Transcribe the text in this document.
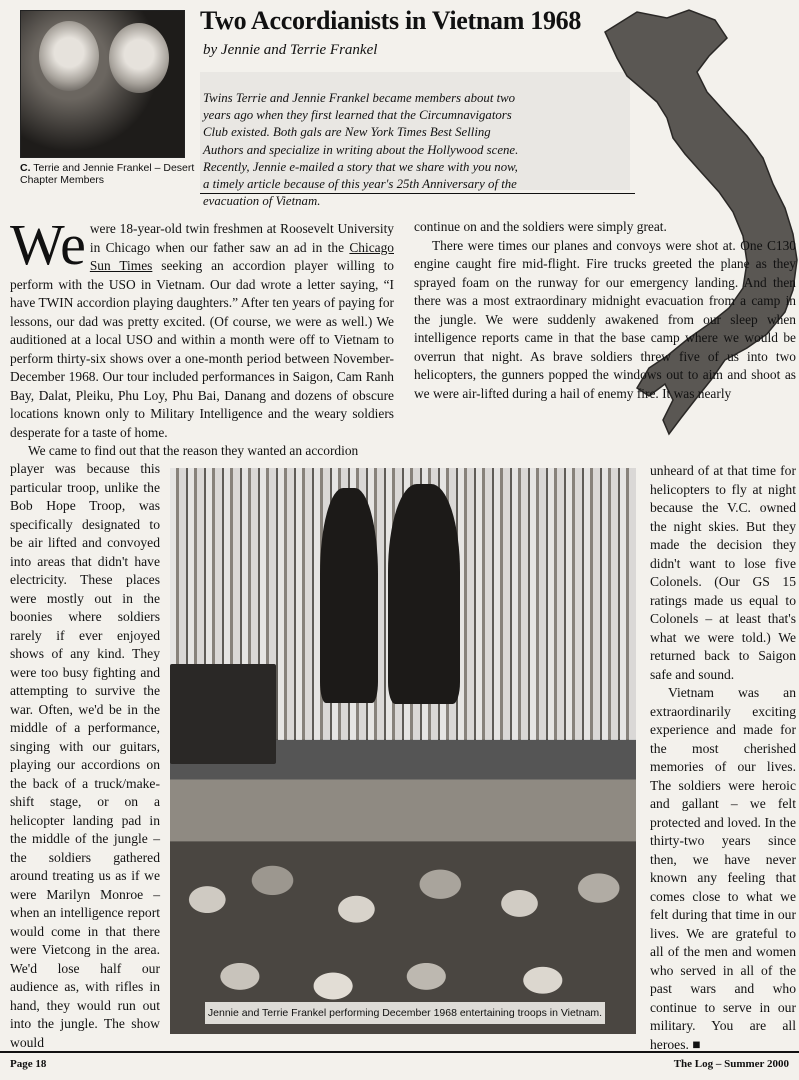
C. Terrie and Jennie Frankel – Desert Chapter Members
Two Accordianists in Vietnam 1968
by Jennie and Terrie Frankel
Twins Terrie and Jennie Frankel became members about two years ago when they first learned that the Circumnavigators Club existed. Both gals are New York Times Best Selling Authors and specialize in writing about the Hollywood scene. Recently, Jennie e-mailed a story that we share with you now, a timely article because of this year's 25th Anniversary of the evacuation of Vietnam.

We were 18-year-old twin freshmen at Roosevelt University in Chicago when our father saw an ad in the Chicago Sun Times seeking an accordion player willing to perform with the USO in Vietnam. Our dad wrote a letter saying, “I have TWIN accordion playing daughters.” After ten years of paying for lessons, our dad was pretty excited. (Of course, we were as well.) We auditioned at a local USO and within a month were off to Vietnam to perform thirty-six shows over a one-month period between November-December 1968. Our tour included performances in Saigon, Cam Ranh Bay, Dalat, Pleiku, Phu Loy, Phu Bai, Danang and dozens of obscure locations known only to Military Intelligence and the weary soldiers desperate for a taste of home.

We came to find out that the reason they wanted an accordion

player was because this particular troop, unlike the Bob Hope Troop, was specifically designated to be air lifted and convoyed into areas that didn't have electricity. These places were mostly out in the boonies where soldiers rarely if ever enjoyed shows of any kind. They were too busy fighting and attempting to survive the war. Often, we'd be in the middle of a performance, singing with our guitars, playing our accordions on the back of a truck/make-shift stage, or on a helicopter landing pad in the middle of the jungle – the soldiers gathered around treating us as if we were Marilyn Monroe – when an intelligence report would come in that there were Vietcong in the area. We'd lose half our audience as, with rifles in hand, they would run out into the jungle. The show would

continue on and the soldiers were simply great.

There were times our planes and convoys were shot at. One C130 engine caught fire mid-flight. Fire trucks greeted the plane as they sprayed foam on the runway for our emergency landing. And then there was a most extraordinary midnight evacuation from a camp in the jungle. We were suddenly awakened from our sleep when intelligence reports came in that the base camp where we would be overrun that night. As brave soldiers threw five of us into two helicopters, the gunners popped the windows out to aim and shoot as we were air-lifted during a hail of enemy fire. It was nearly

unheard of at that time for helicopters to fly at night because the V.C. owned the night skies. But they made the decision they didn't want to lose five Colonels. (Our GS 15 ratings made us equal to Colonels – at least that's what we were told.) We returned back to Saigon safe and sound.

Vietnam was an extraordinarily exciting experience and made for the most cherished memories of our lives. The soldiers were heroic and gallant – we felt protected and loved. In the thirty-two years since then, we have never known any feeling that comes close to what we felt during that time in our lives. We are grateful to all of the men and women who served in all of the past wars and who continue to serve in our military. You are all heroes. ■

Jennie and Terrie Frankel performing December 1968 entertaining troops in Vietnam.
Page 18	The Log – Summer 2000
